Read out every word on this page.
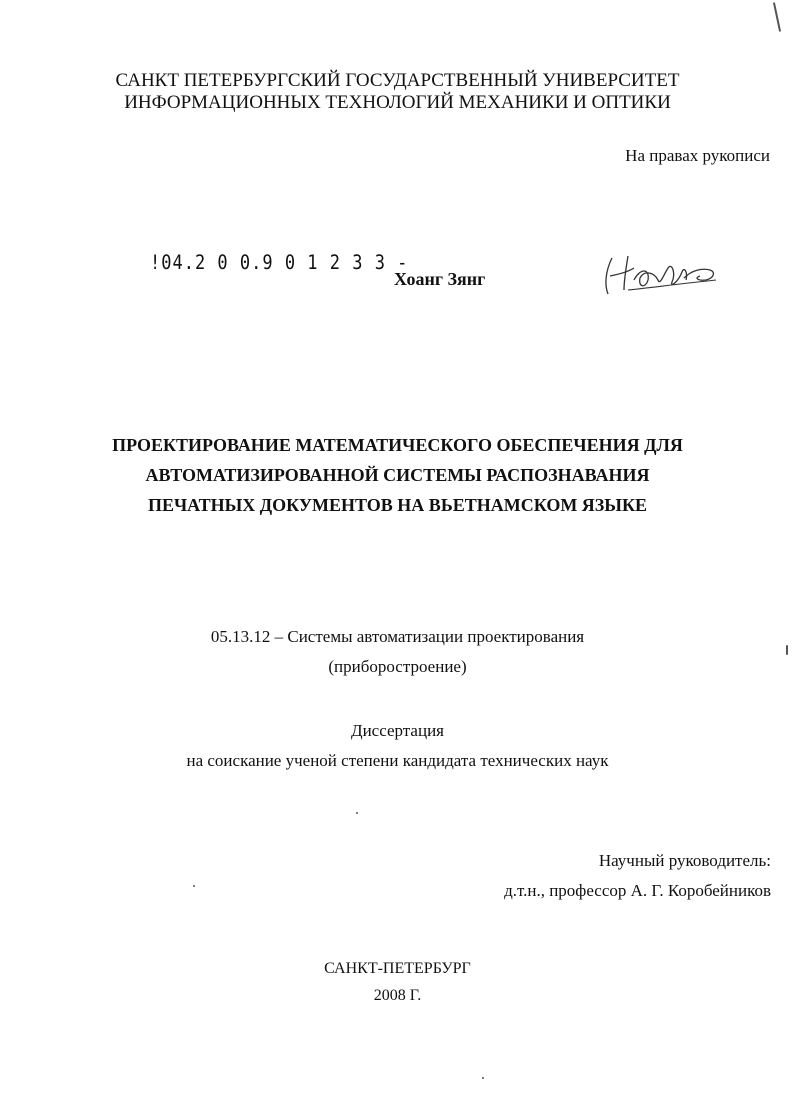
САНКТ ПЕТЕРБУРГСКИЙ ГОСУДАРСТВЕННЫЙ УНИВЕРСИТЕТ
ИНФОРМАЦИОННЫХ ТЕХНОЛОГИЙ МЕХАНИКИ И ОПТИКИ
На правах рукописи
!04.2 0 0.9 0 1 2 3 3 -
Хоанг Зянг
ПРОЕКТИРОВАНИЕ МАТЕМАТИЧЕСКОГО ОБЕСПЕЧЕНИЯ ДЛЯ
АВТОМАТИЗИРОВАННОЙ СИСТЕМЫ РАСПОЗНАВАНИЯ
ПЕЧАТНЫХ ДОКУМЕНТОВ НА ВЬЕТНАМСКОМ ЯЗЫКЕ
05.13.12 – Системы автоматизации проектирования
(приборостроение)
Диссертация
на соискание ученой степени кандидата технических наук
Научный руководитель:
д.т.н., профессор А. Г. Коробейников
САНКТ-ПЕТЕРБУРГ
2008 Г.
